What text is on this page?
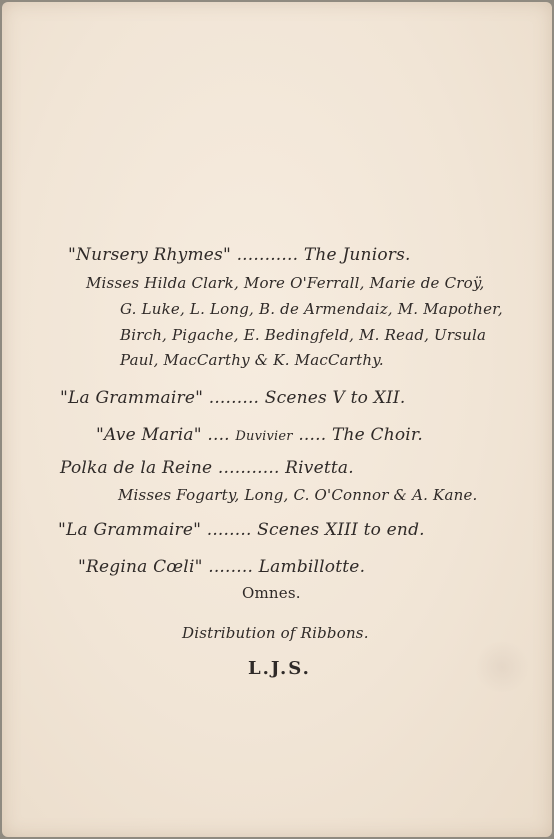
"Nursery Rhymes" ........... The Juniors.
Misses Hilda Clark, More O'Ferrall, Marie de Croÿ,
G. Luke, L. Long, B. de Armendaiz, M. Mapother,
Birch, Pigache, E. Bedingfeld, M. Read, Ursula
Paul, MacCarthy & K. MacCarthy.
"La Grammaire" ......... Scenes V to XII.
"Ave Maria" .... Duvivier ..... The Choir.
Polka de la Reine ........... Rivetta.
Misses Fogarty, Long, C. O'Connor & A. Kane.
"La Grammaire" ........ Scenes XIII to end.
"Regina Cœli" ........ Lambillotte.
Omnes.
Distribution of Ribbons.
L.J.S.
